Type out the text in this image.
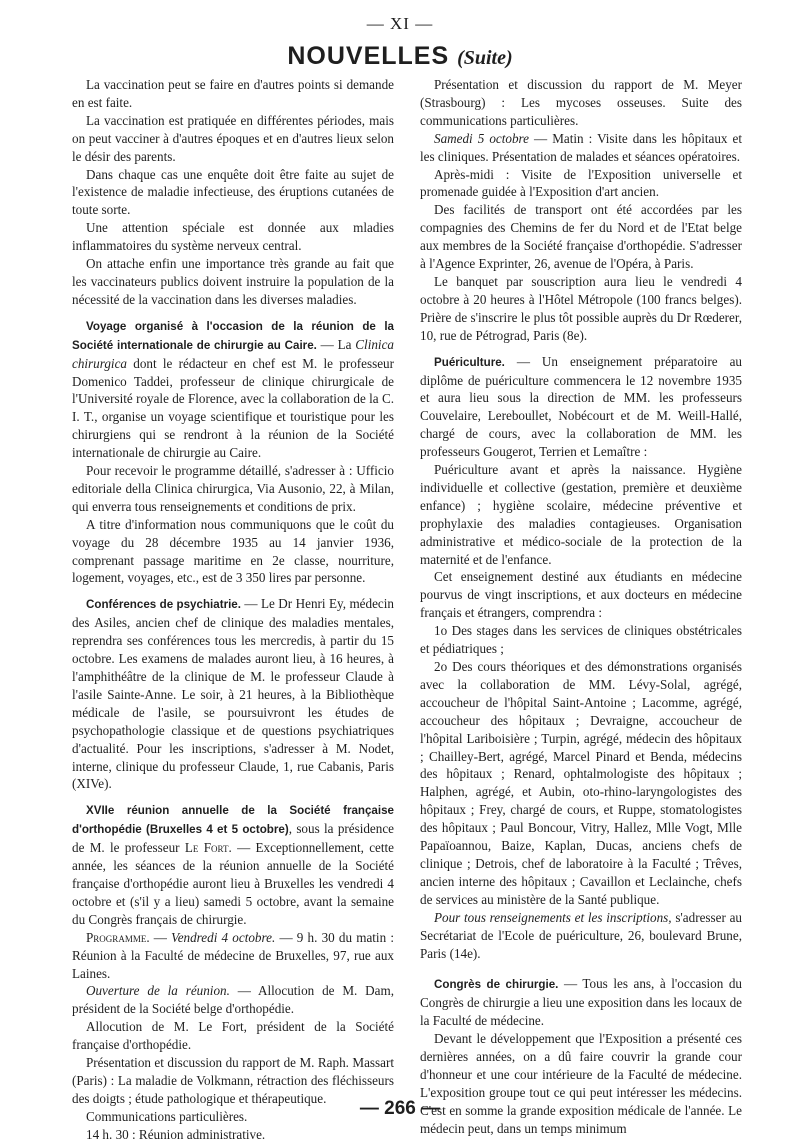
— XI —
NOUVELLES (Suite)

La vaccination peut se faire en d'autres points si demande en est faite.

La vaccination est pratiquée en différentes périodes, mais on peut vacciner à d'autres époques et en d'autres lieux selon le désir des parents.

Dans chaque cas une enquête doit être faite au sujet de l'existence de maladie infectieuse, des éruptions cutanées de toute sorte.

Une attention spéciale est donnée aux mladies inflammatoires du système nerveux central.

On attache enfin une importance très grande au fait que les vaccinateurs publics doivent instruire la population de la nécessité de la vaccination dans les diverses maladies.

Voyage organisé à l'occasion de la réunion de la Société internationale de chirurgie au Caire. — La Clinica chirurgica dont le rédacteur en chef est M. le professeur Domenico Taddei, professeur de clinique chirurgicale de l'Université royale de Florence, avec la collaboration de la C. I. T., organise un voyage scientifique et touristique pour les chirurgiens qui se rendront à la réunion de la Société internationale de chirurgie au Caire.

Pour recevoir le programme détaillé, s'adresser à : Ufficio editoriale della Clinica chirurgica, Via Ausonio, 22, à Milan, qui enverra tous renseignements et conditions de prix.

A titre d'information nous communiquons que le coût du voyage du 28 décembre 1935 au 14 janvier 1936, comprenant passage maritime en 2e classe, nourriture, logement, voyages, etc., est de 3 350 lires par personne.

Conférences de psychiatrie. — Le Dr Henri Ey, médecin des Asiles, ancien chef de clinique des maladies mentales, reprendra ses conférences tous les mercredis, à partir du 15 octobre. Les examens de malades auront lieu, à 16 heures, à l'amphithéâtre de la clinique de M. le professeur Claude à l'asile Sainte-Anne. Le soir, à 21 heures, à la Bibliothèque médicale de l'asile, se poursuivront les études de psychopathologie classique et de questions psychiatriques d'actualité. Pour les inscriptions, s'adresser à M. Nodet, interne, clinique du professeur Claude, 1, rue Cabanis, Paris (XIVe).

XVIIe réunion annuelle de la Société française d'orthopédie (Bruxelles 4 et 5 octobre), sous la présidence de M. le professeur Le Fort. — Exceptionnellement, cette année, les séances de la réunion annuelle de la Société française d'orthopédie auront lieu à Bruxelles les vendredi 4 octobre et (s'il y a lieu) samedi 5 octobre, avant la semaine du Congrès français de chirurgie.

Programme. — Vendredi 4 octobre. — 9 h. 30 du matin : Réunion à la Faculté de médecine de Bruxelles, 97, rue aux Laines.

Ouverture de la réunion. — Allocution de M. Dam, président de la Société belge d'orthopédie.

Allocution de M. Le Fort, président de la Société française d'orthopédie.

Présentation et discussion du rapport de M. Raph. Massart (Paris) : La maladie de Volkmann, rétraction des fléchisseurs des doigts ; étude pathologique et thérapeutique.

Communications particulières.

14 h. 30 : Réunion administrative.

Présentation et discussion du rapport de M. Meyer (Strasbourg) : Les mycoses osseuses. Suite des communications particulières.

Samedi 5 octobre — Matin : Visite dans les hôpitaux et les cliniques. Présentation de malades et séances opératoires.

Après-midi : Visite de l'Exposition universelle et promenade guidée à l'Exposition d'art ancien.

Des facilités de transport ont été accordées par les compagnies des Chemins de fer du Nord et de l'Etat belge aux membres de la Société française d'orthopédie. S'adresser à l'Agence Exprinter, 26, avenue de l'Opéra, à Paris.

Le banquet par souscription aura lieu le vendredi 4 octobre à 20 heures à l'Hôtel Métropole (100 francs belges). Prière de s'inscrire le plus tôt possible auprès du Dr Rœderer, 10, rue de Pétrograd, Paris (8e).

Puériculture. — Un enseignement préparatoire au diplôme de puériculture commencera le 12 novembre 1935 et aura lieu sous la direction de MM. les professeurs Couvelaire, Lereboullet, Nobécourt et de M. Weill-Hallé, chargé de cours, avec la collaboration de MM. les professeurs Gougerot, Terrien et Lemaître :

Puériculture avant et après la naissance. Hygiène individuelle et collective (gestation, première et deuxième enfance) ; hygiène scolaire, médecine préventive et prophylaxie des maladies contagieuses. Organisation administrative et médico-sociale de la protection de la maternité et de l'enfance.

Cet enseignement destiné aux étudiants en médecine pourvus de vingt inscriptions, et aux docteurs en médecine français et étrangers, comprendra :

1o Des stages dans les services de cliniques obstétricales et pédiatriques ;

2o Des cours théoriques et des démonstrations organisés avec la collaboration de MM. Lévy-Solal, agrégé, accoucheur de l'hôpital Saint-Antoine ; Lacomme, agrégé, accoucheur des hôpitaux ; Devraigne, accoucheur de l'hôpital Lariboisière ; Turpin, agrégé, médecin des hôpitaux ; Chailley-Bert, agrégé, Marcel Pinard et Benda, médecins des hôpitaux ; Renard, ophtalmologiste des hôpitaux ; Halphen, agrégé, et Aubin, oto-rhino-laryngologistes des hôpitaux ; Frey, chargé de cours, et Ruppe, stomatologistes des hôpitaux ; Paul Boncour, Vitry, Hallez, Mlle Vogt, Mlle Papaïoannou, Baize, Kaplan, Ducas, anciens chefs de clinique ; Detrois, chef de laboratoire à la Faculté ; Trêves, ancien interne des hôpitaux ; Cavaillon et Leclainche, chefs de services au ministère de la Santé publique.

Pour tous renseignements et les inscriptions, s'adresser au Secrétariat de l'Ecole de puériculture, 26, boulevard Brune, Paris (14e).

Congrès de chirurgie. — Tous les ans, à l'occasion du Congrès de chirurgie a lieu une exposition dans les locaux de la Faculté de médecine.

Devant le développement que l'Exposition a présenté ces dernières années, on a dû faire couvrir la grande cour d'honneur et une cour intérieure de la Faculté de médecine. L'exposition groupe tout ce qui peut intéresser les médecins. C'est en somme la grande exposition médicale de l'année. Le médecin peut, dans un temps minimum

— 266 —
